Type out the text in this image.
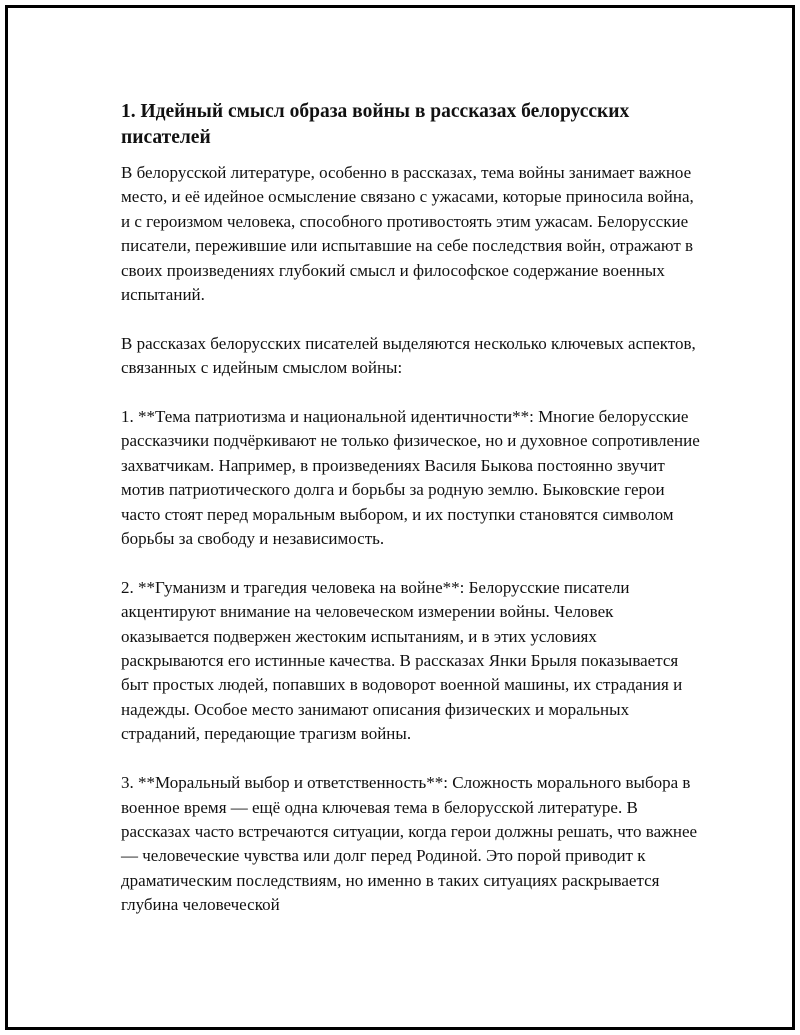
1. Идейный смысл образа войны в рассказах белорусских писателей

В белорусской литературе, особенно в рассказах, тема войны занимает важное место, и её идейное осмысление связано с ужасами, которые приносила война, и с героизмом человека, способного противостоять этим ужасам. Белорусские писатели, пережившие или испытавшие на себе последствия войн, отражают в своих произведениях глубокий смысл и философское содержание военных испытаний.

В рассказах белорусских писателей выделяются несколько ключевых аспектов, связанных с идейным смыслом войны:

1. **Тема патриотизма и национальной идентичности**: Многие белорусские рассказчики подчёркивают не только физическое, но и духовное сопротивление захватчикам. Например, в произведениях Василя Быкова постоянно звучит мотив патриотического долга и борьбы за родную землю. Быковские герои часто стоят перед моральным выбором, и их поступки становятся символом борьбы за свободу и независимость.

2. **Гуманизм и трагедия человека на войне**: Белорусские писатели акцентируют внимание на человеческом измерении войны. Человек оказывается подвержен жестоким испытаниям, и в этих условиях раскрываются его истинные качества. В рассказах Янки Брыля показывается быт простых людей, попавших в водоворот военной машины, их страдания и надежды. Особое место занимают описания физических и моральных страданий, передающие трагизм войны.

3. **Моральный выбор и ответственность**: Сложность морального выбора в военное время — ещё одна ключевая тема в белорусской литературе. В рассказах часто встречаются ситуации, когда герои должны решать, что важнее — человеческие чувства или долг перед Родиной. Это порой приводит к драматическим последствиям, но именно в таких ситуациях раскрывается глубина человеческой
